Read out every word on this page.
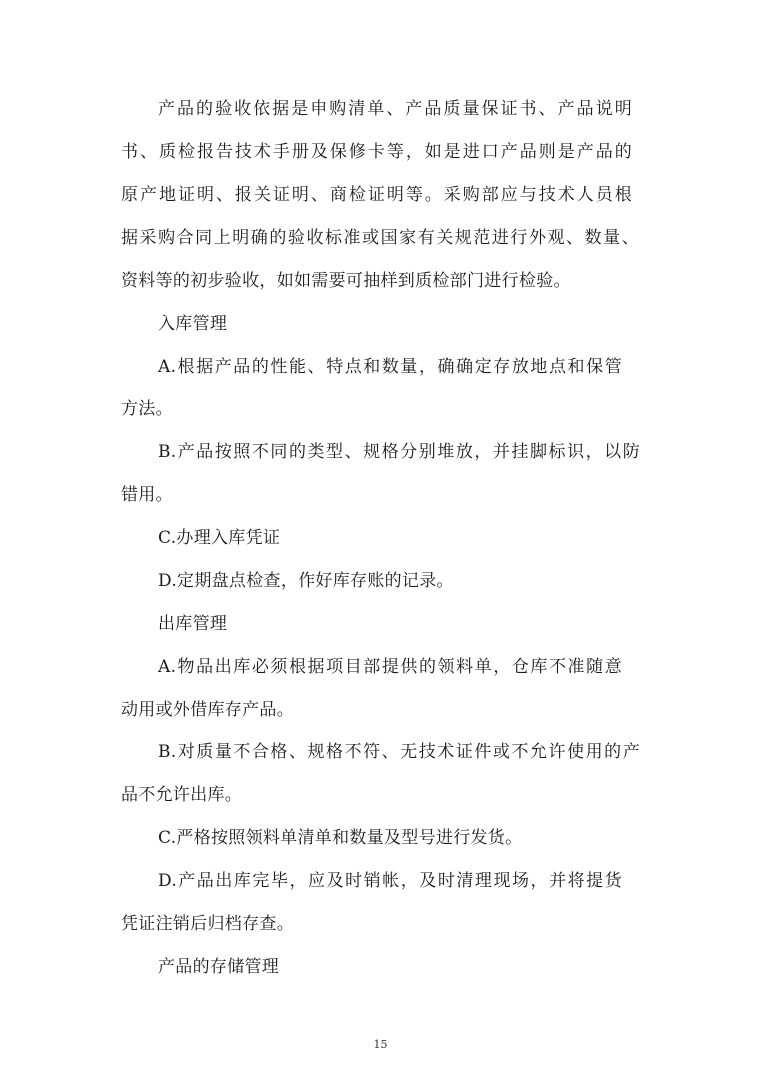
产品的验收依据是申购清单、产品质量保证书、产品说明
书、质检报告技术手册及保修卡等，如是进口产品则是产品的
原产地证明、报关证明、商检证明等。采购部应与技术人员根
据采购合同上明确的验收标准或国家有关规范进行外观、数量、
资料等的初步验收，如如需要可抽样到质检部门进行检验。
入库管理
A.根据产品的性能、特点和数量，确确定存放地点和保管
方法。
B.产品按照不同的类型、规格分别堆放，并挂脚标识，以防
错用。
C.办理入库凭证
D.定期盘点检查，作好库存账的记录。
出库管理
A.物品出库必须根据项目部提供的领料单，仓库不准随意
动用或外借库存产品。
B.对质量不合格、规格不符、无技术证件或不允许使用的产
品不允许出库。
C.严格按照领料单清单和数量及型号进行发货。
D.产品出库完毕，应及时销帐，及时清理现场，并将提货
凭证注销后归档存查。
产品的存储管理
15
